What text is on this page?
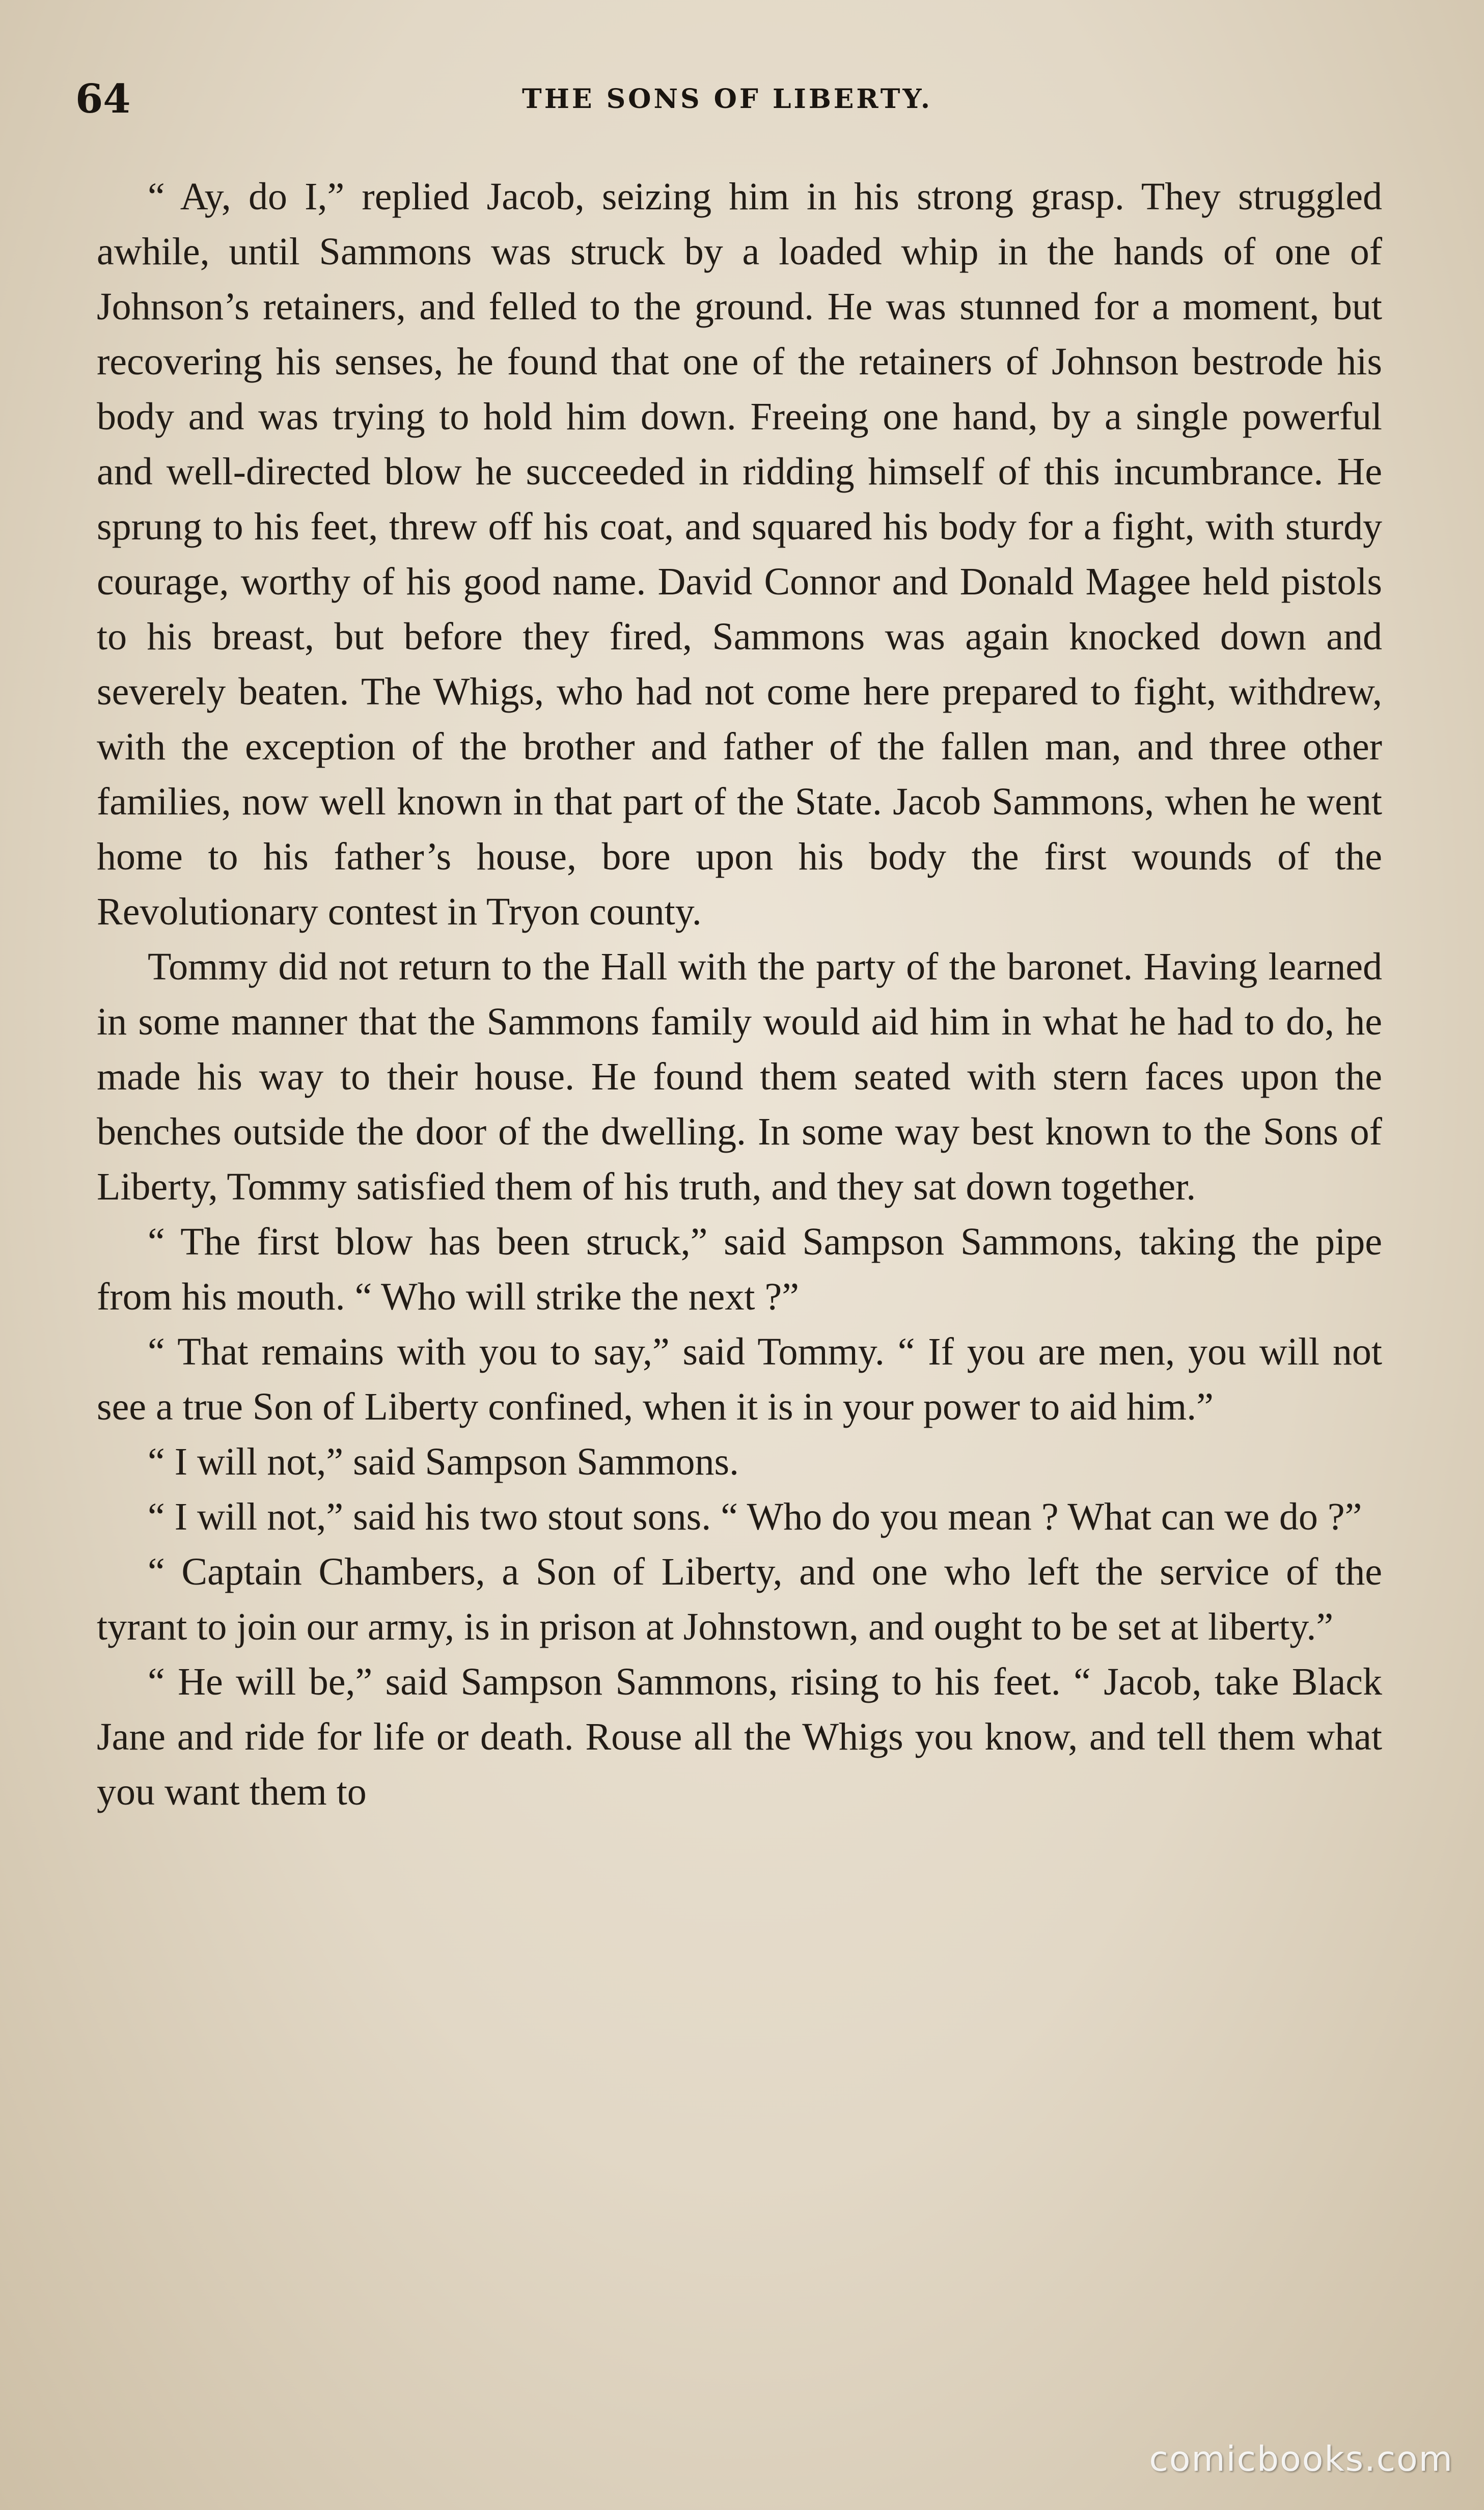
64	THE SONS OF LIBERTY.

“ Ay, do I,” replied Jacob, seizing him in his strong grasp. They struggled awhile, until Sammons was struck by a loaded whip in the hands of one of Johnson’s retainers, and felled to the ground. He was stunned for a moment, but recovering his senses, he found that one of the retainers of Johnson bestrode his body and was trying to hold him down. Freeing one hand, by a single powerful and well-directed blow he succeeded in ridding himself of this incumbrance. He sprung to his feet, threw off his coat, and squared his body for a fight, with sturdy courage, worthy of his good name. David Connor and Donald Magee held pistols to his breast, but before they fired, Sammons was again knocked down and severely beaten. The Whigs, who had not come here prepared to fight, withdrew, with the exception of the brother and father of the fallen man, and three other families, now well known in that part of the State. Jacob Sammons, when he went home to his father’s house, bore upon his body the first wounds of the Revolutionary contest in Tryon county.

Tommy did not return to the Hall with the party of the baronet. Having learned in some manner that the Sammons family would aid him in what he had to do, he made his way to their house. He found them seated with stern faces upon the benches outside the door of the dwelling. In some way best known to the Sons of Liberty, Tommy satisfied them of his truth, and they sat down together.

“ The first blow has been struck,” said Sampson Sammons, taking the pipe from his mouth. “ Who will strike the next ?”

“ That remains with you to say,” said Tommy. “ If you are men, you will not see a true Son of Liberty confined, when it is in your power to aid him.”

“ I will not,” said Sampson Sammons.

“ I will not,” said his two stout sons. “ Who do you mean ? What can we do ?”

“ Captain Chambers, a Son of Liberty, and one who left the service of the tyrant to join our army, is in prison at Johnstown, and ought to be set at liberty.”

“ He will be,” said Sampson Sammons, rising to his feet. “ Jacob, take Black Jane and ride for life or death. Rouse all the Whigs you know, and tell them what you want them to

comicbooks.com
